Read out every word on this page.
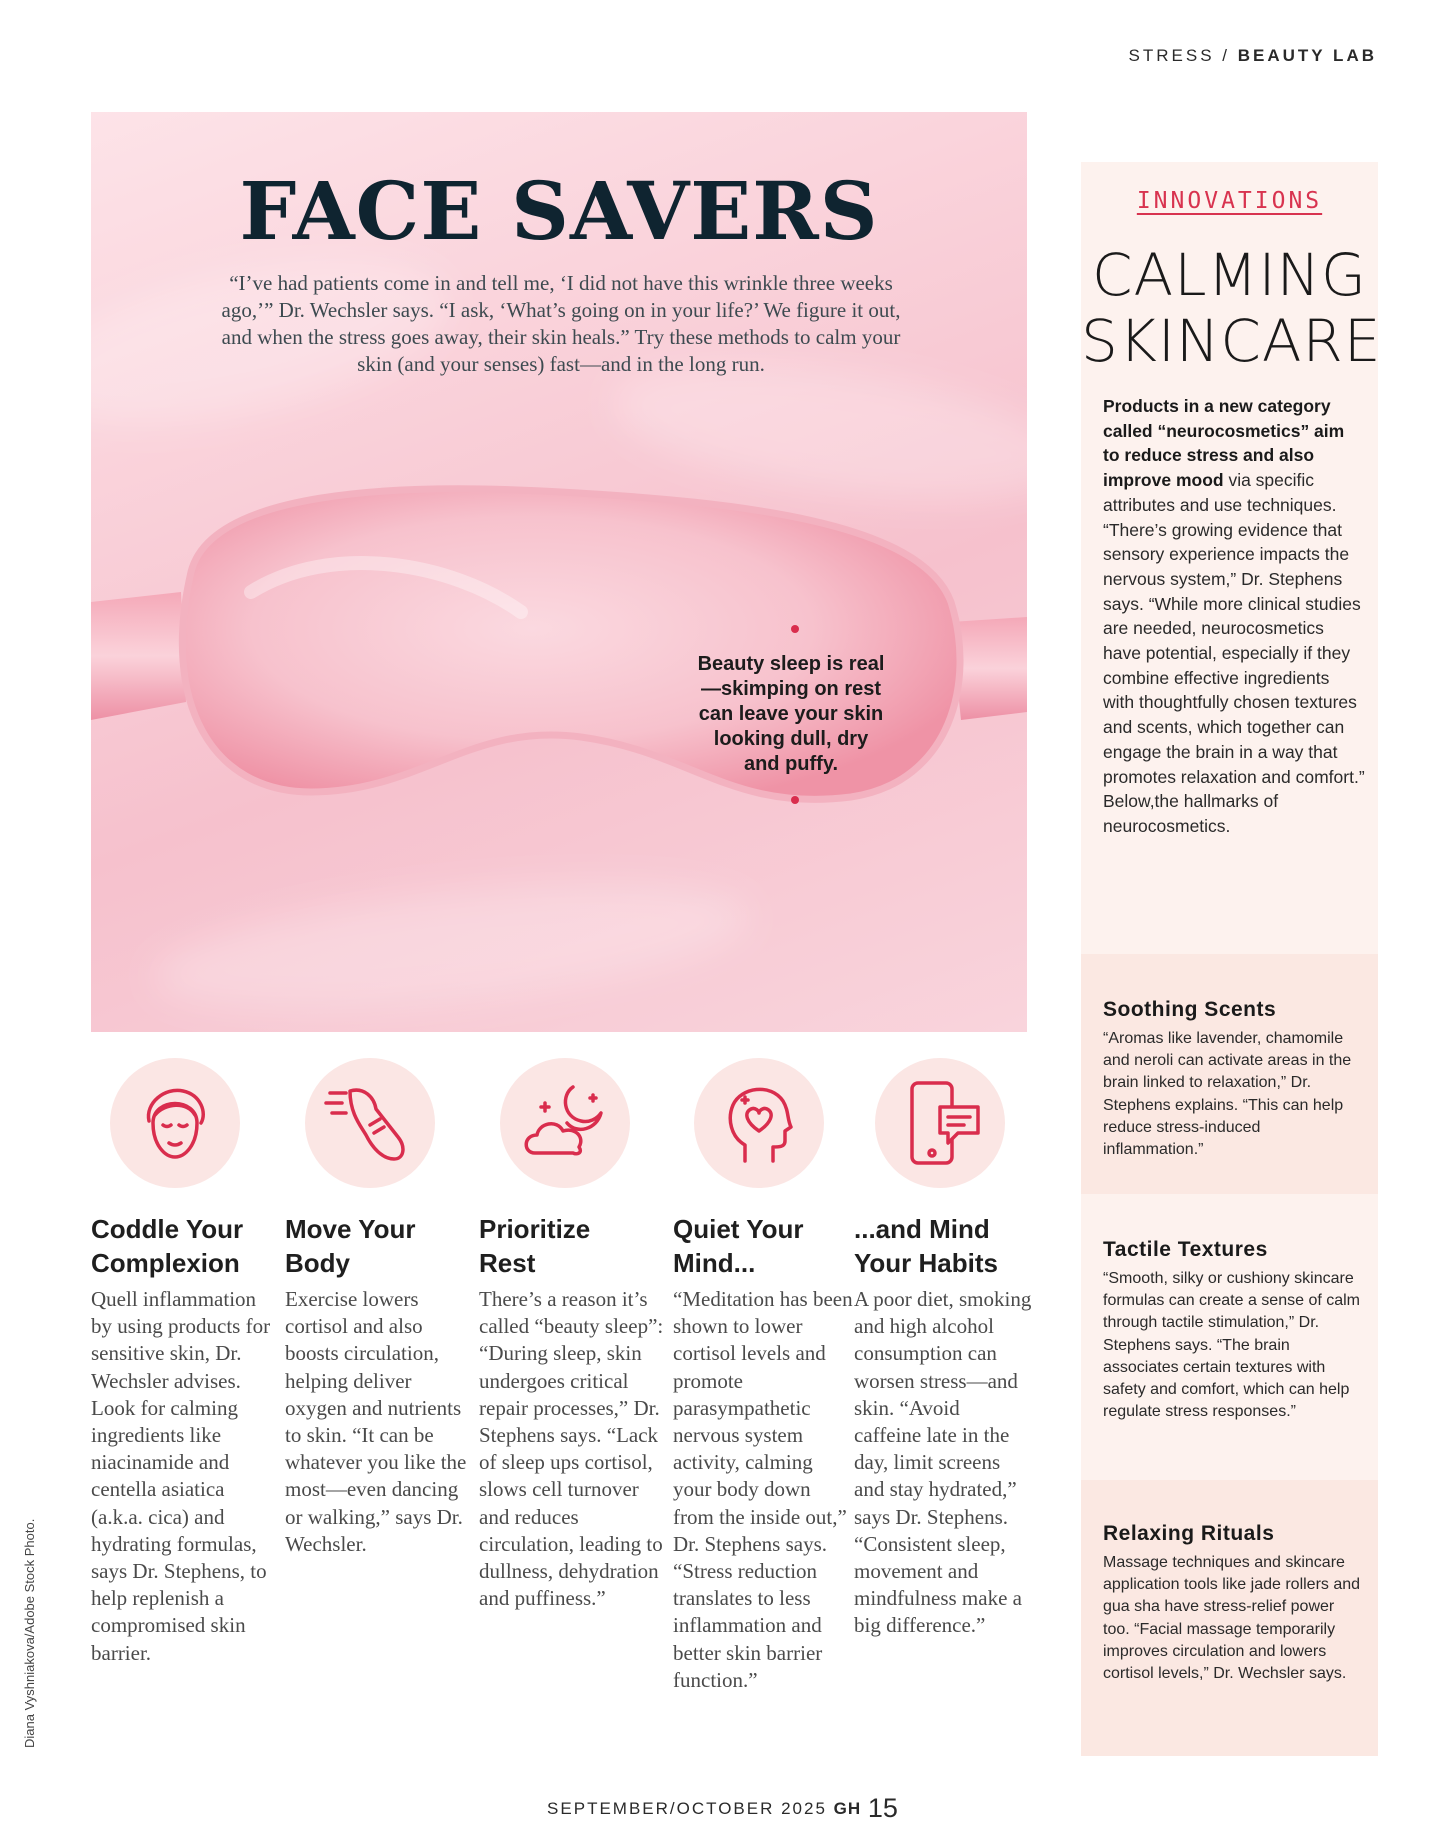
STRESS / BEAUTY LAB
FACE SAVERS
“I’ve had patients come in and tell me, ‘I did not have this wrinkle three weeks ago,’” Dr. Wechsler says. “I ask, ‘What’s going on in your life?’ We figure it out, and when the stress goes away, their skin heals.” Try these methods to calm your skin (and your senses) fast—and in the long run.
Beauty sleep is real—skimping on rest can leave your skin looking dull, dry and puffy.
Coddle Your Complexion
Quell inflammation by using products for sensitive skin, Dr. Wechsler advises. Look for calming ingredients like niacinamide and centella asiatica (a.k.a. cica) and hydrating formulas, says Dr. Stephens, to help replenish a compromised skin barrier.
Move Your Body
Exercise lowers cortisol and also boosts circulation, helping deliver oxygen and nutrients to skin. “It can be whatever you like the most—even dancing or walking,” says Dr. Wechsler.
Prioritize Rest
There’s a reason it’s called “beauty sleep”: “During sleep, skin undergoes critical repair processes,” Dr. Stephens says. “Lack of sleep ups cortisol, slows cell turnover and reduces circulation, leading to dullness, dehydration and puffiness.”
Quiet Your Mind...
“Meditation has been shown to lower cortisol levels and promote parasympathetic nervous system activity, calming your body down from the inside out,” Dr. Stephens says. “Stress reduction translates to less inflammation and better skin barrier function.”
...and Mind Your Habits
A poor diet, smoking and high alcohol consumption can worsen stress—and skin. “Avoid caffeine late in the day, limit screens and stay hydrated,” says Dr. Stephens. “Consistent sleep, movement and mindfulness make a big difference.”
INNOVATIONS
CALMING SKINCARE
Products in a new category called “neurocosmetics” aim to reduce stress and also improve mood via specific attributes and use techniques. “There’s growing evidence that sensory experience impacts the nervous system,” Dr. Stephens says. “While more clinical studies are needed, neurocosmetics have potential, especially if they combine effective ingredients with thoughtfully chosen textures and scents, which together can engage the brain in a way that promotes relaxation and comfort.” Below,the hallmarks of neurocosmetics.
Soothing Scents
“Aromas like lavender, chamomile and neroli can activate areas in the brain linked to relaxation,” Dr. Stephens explains. “This can help reduce stress-induced inflammation.”
Tactile Textures
“Smooth, silky or cushiony skincare formulas can create a sense of calm through tactile stimulation,” Dr. Stephens says. “The brain associates certain textures with safety and comfort, which can help regulate stress responses.”
Relaxing Rituals
Massage techniques and skincare application tools like jade rollers and gua sha have stress-relief power too. “Facial massage temporarily improves circulation and lowers cortisol levels,” Dr. Wechsler says.
Diana Vyshniakova/Adobe Stock Photo.
SEPTEMBER/OCTOBER 2025 GH 15
